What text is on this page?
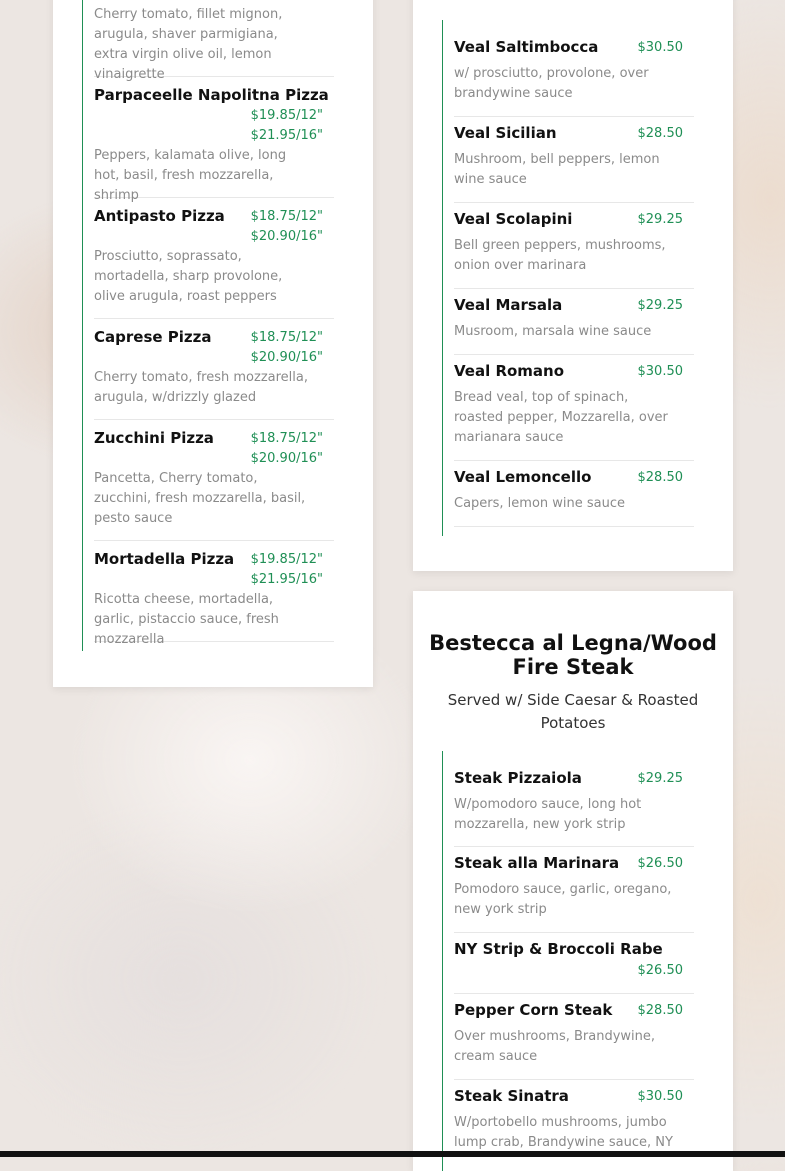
Cherry tomato, fillet mignon, arugula, shaver parmigiana, extra virgin olive oil, lemon vinaigrette
Parpaceelle Napolitna Pizza
$19.85/12"
$21.95/16"
Peppers, kalamata olive, long hot, basil, fresh mozzarella, shrimp
Antipasto Pizza $18.75/12"
$20.90/16"
Prosciutto, soprassato, mortadella, sharp provolone, olive arugula, roast peppers
Caprese Pizza	$18.75/12"
$20.90/16"
Cherry tomato, fresh mozzarella, arugula, w/drizzly glazed
Zucchini Pizza	$18.75/12"
$20.90/16"
Pancetta, Cherry tomato, zucchini, fresh mozzarella, basil, pesto sauce
Mortadella Pizza $19.85/12"
$21.95/16"
Ricotta cheese, mortadella, garlic, pistaccio sauce, fresh mozzarella
Veal Saltimbocca	$30.50
w/ prosciutto, provolone, over brandywine sauce
Veal Sicilian	$28.50
Mushroom, bell peppers, lemon wine sauce
Veal Scolapini	$29.25
Bell green peppers, mushrooms, onion over marinara
Veal Marsala	$29.25
Musroom, marsala wine sauce
Veal Romano	$30.50
Bread veal, top of spinach, roasted pepper, Mozzarella, over marianara sauce
Veal Lemoncello	$28.50
Capers, lemon wine sauce
Bestecca al Legna/Wood Fire Steak
Served w/ Side Caesar & Roasted Potatoes
Steak Pizzaiola	$29.25
W/pomodoro sauce, long hot mozzarella, new york strip
Steak alla Marinara $26.50
Pomodoro sauce, garlic, oregano, new york strip
NY Strip & Broccoli Rabe
$26.50
Pepper Corn Steak $28.50
Over mushrooms, Brandywine, cream sauce
Steak Sinatra	$30.50
W/portobello mushrooms, jumbo lump crab, Brandywine sauce, NY
